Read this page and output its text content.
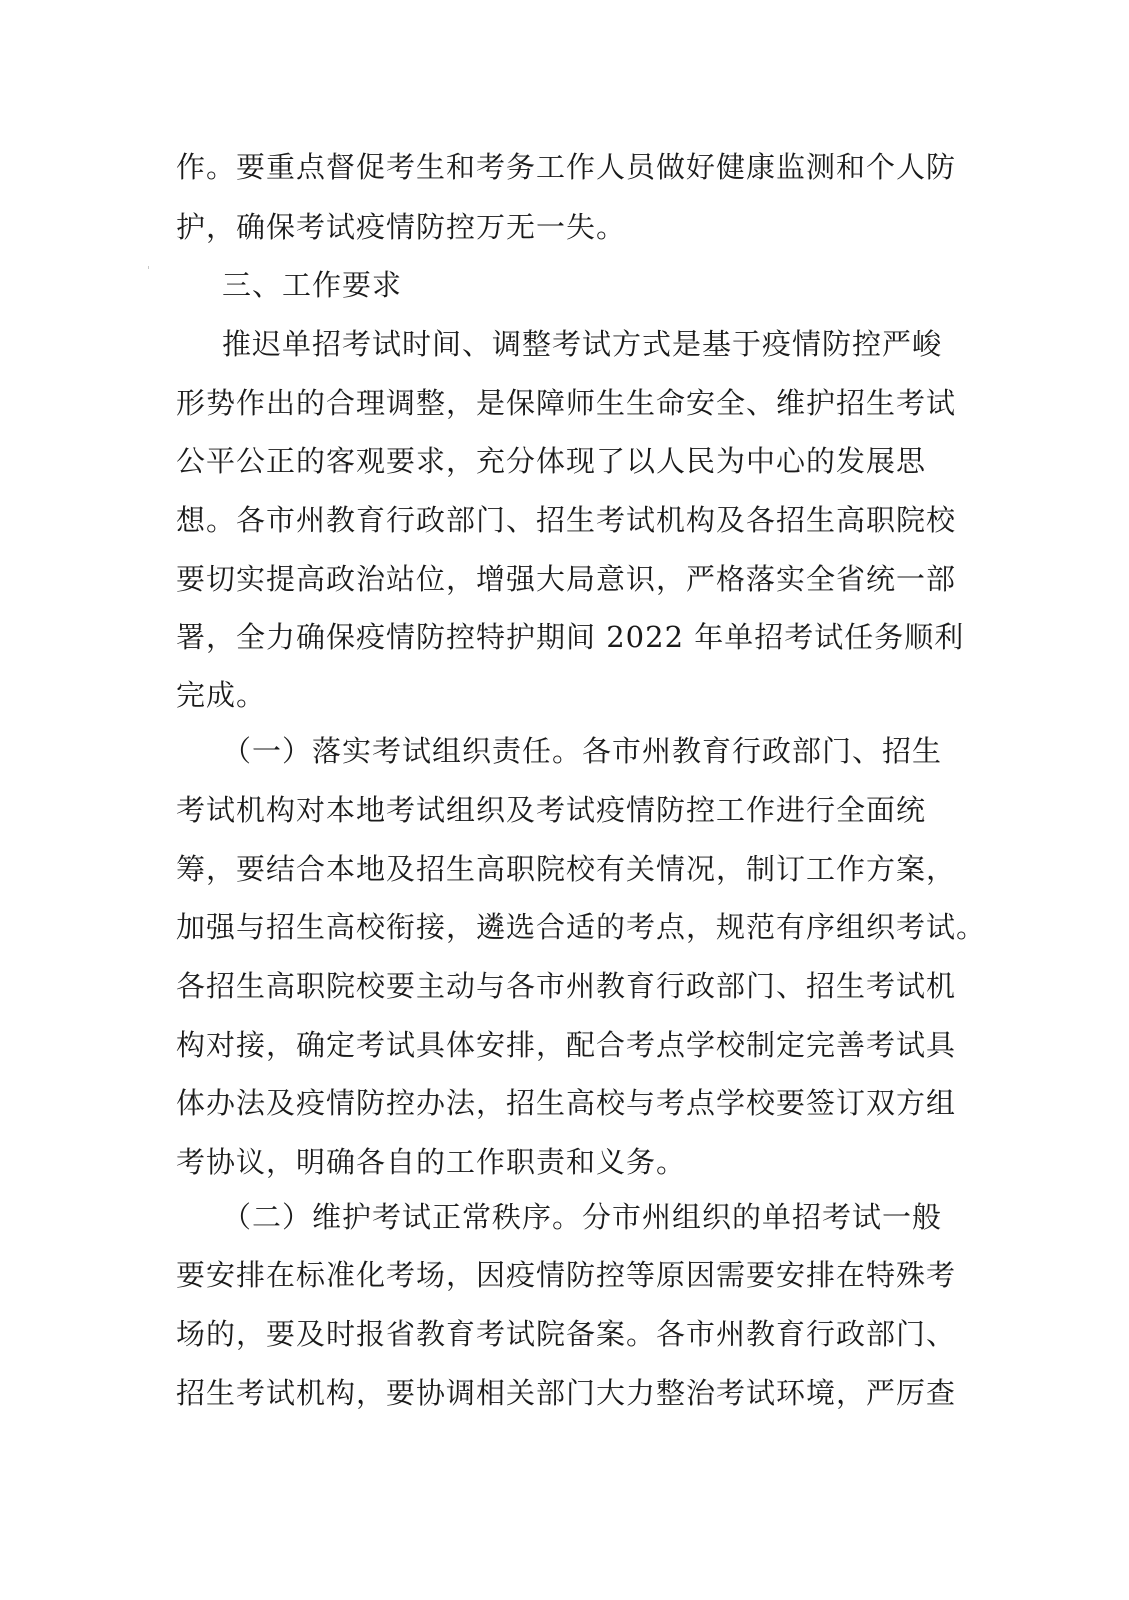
作。要重点督促考生和考务工作人员做好健康监测和个人防
护，确保考试疫情防控万无一失。
三、工作要求
推迟单招考试时间、调整考试方式是基于疫情防控严峻
形势作出的合理调整，是保障师生生命安全、维护招生考试
公平公正的客观要求，充分体现了以人民为中心的发展思
想。各市州教育行政部门、招生考试机构及各招生高职院校
要切实提高政治站位，增强大局意识，严格落实全省统一部
署，全力确保疫情防控特护期间 2022 年单招考试任务顺利
完成。
（一）落实考试组织责任。各市州教育行政部门、招生
考试机构对本地考试组织及考试疫情防控工作进行全面统
筹，要结合本地及招生高职院校有关情况，制订工作方案，
加强与招生高校衔接，遴选合适的考点，规范有序组织考试。
各招生高职院校要主动与各市州教育行政部门、招生考试机
构对接，确定考试具体安排，配合考点学校制定完善考试具
体办法及疫情防控办法，招生高校与考点学校要签订双方组
考协议，明确各自的工作职责和义务。
（二）维护考试正常秩序。分市州组织的单招考试一般
要安排在标准化考场，因疫情防控等原因需要安排在特殊考
场的，要及时报省教育考试院备案。各市州教育行政部门、
招生考试机构，要协调相关部门大力整治考试环境，严厉查
